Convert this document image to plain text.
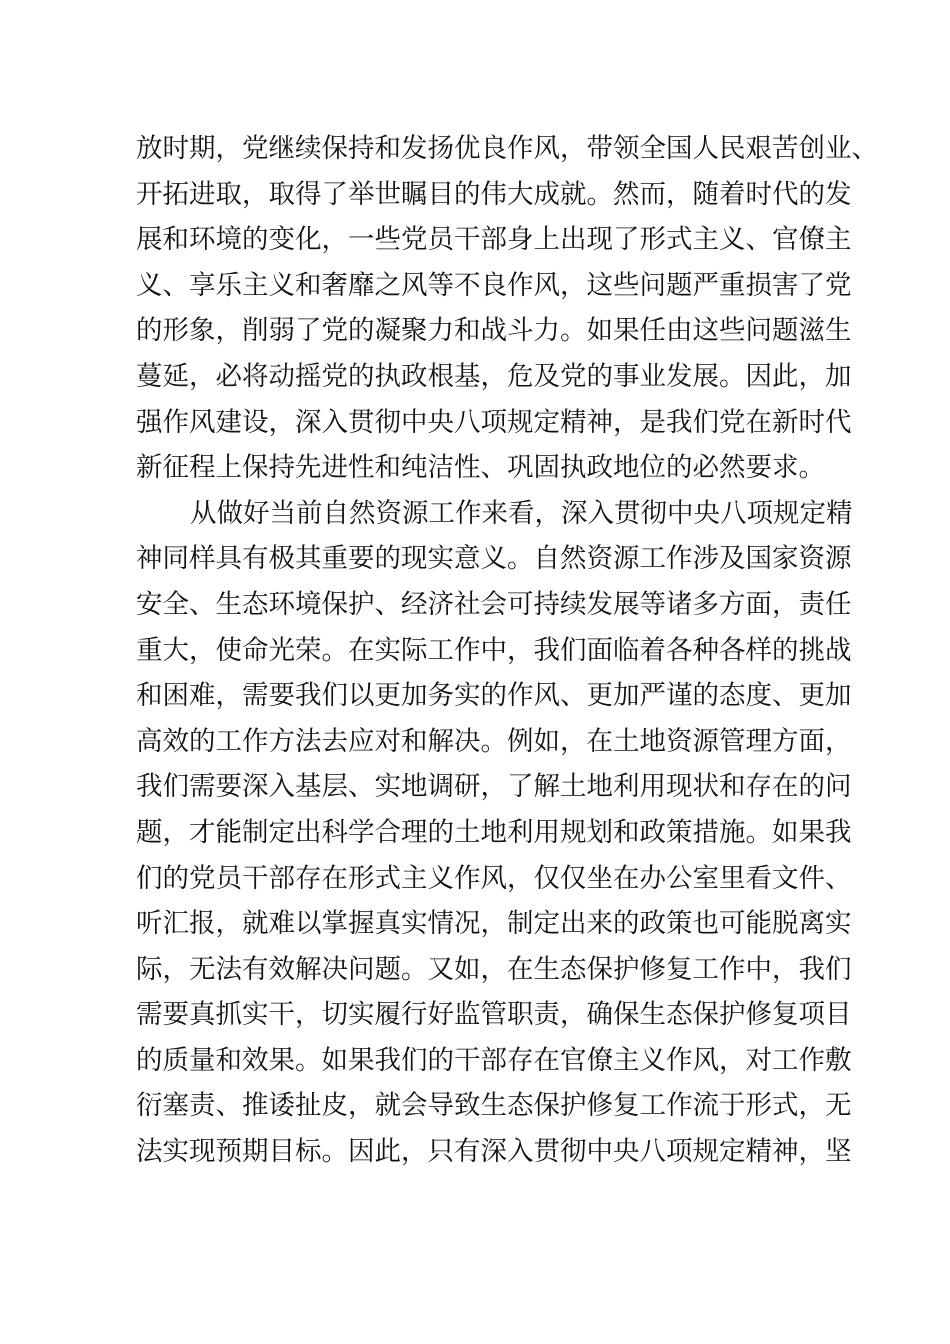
放时期，党继续保持和发扬优良作风，带领全国人民艰苦创业、
开拓进取，取得了举世瞩目的伟大成就。然而，随着时代的发
展和环境的变化，一些党员干部身上出现了形式主义、官僚主
义、享乐主义和奢靡之风等不良作风，这些问题严重损害了党
的形象，削弱了党的凝聚力和战斗力。如果任由这些问题滋生
蔓延，必将动摇党的执政根基，危及党的事业发展。因此，加
强作风建设，深入贯彻中央八项规定精神，是我们党在新时代
新征程上保持先进性和纯洁性、巩固执政地位的必然要求。
从做好当前自然资源工作来看，深入贯彻中央八项规定精
神同样具有极其重要的现实意义。自然资源工作涉及国家资源
安全、生态环境保护、经济社会可持续发展等诸多方面，责任
重大，使命光荣。在实际工作中，我们面临着各种各样的挑战
和困难，需要我们以更加务实的作风、更加严谨的态度、更加
高效的工作方法去应对和解决。例如，在土地资源管理方面，
我们需要深入基层、实地调研，了解土地利用现状和存在的问
题，才能制定出科学合理的土地利用规划和政策措施。如果我
们的党员干部存在形式主义作风，仅仅坐在办公室里看文件、
听汇报，就难以掌握真实情况，制定出来的政策也可能脱离实
际，无法有效解决问题。又如，在生态保护修复工作中，我们
需要真抓实干，切实履行好监管职责，确保生态保护修复项目
的质量和效果。如果我们的干部存在官僚主义作风，对工作敷
衍塞责、推诿扯皮，就会导致生态保护修复工作流于形式，无
法实现预期目标。因此，只有深入贯彻中央八项规定精神，坚
